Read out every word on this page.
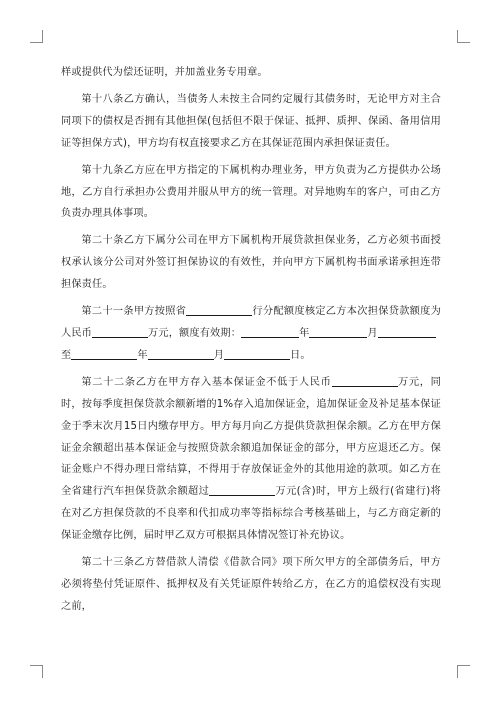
样或提供代为偿还证明，并加盖业务专用章。

第十八条乙方确认，当债务人未按主合同约定履行其债务时，无论甲方对主合同项下的债权是否拥有其他担保(包括但不限于保证、抵押、质押、保函、备用信用证等担保方式)，甲方均有权直接要求乙方在其保证范围内承担保证责任。

第十九条乙方应在甲方指定的下属机构办理业务，甲方负责为乙方提供办公场地，乙方自行承担办公费用并服从甲方的统一管理。对异地购车的客户，可由乙方负责办理具体事项。

第二十条乙方下属分公司在甲方下属机构开展贷款担保业务，乙方必须书面授权承认该分公司对外签订担保协议的有效性，并向甲方下属机构书面承诺承担连带担保责任。

第二十一条甲方按照省	行分配额度核定乙方本次担保贷款额度为人民币	万元，额度有效期：	年	月
至	年	月	日。

第二十二条乙方在甲方存入基本保证金不低于人民币	万元，同时，按每季度担保贷款余额新增的1%存入追加保证金，追加保证金及补足基本保证金于季末次月15日内缴存甲方。甲方每月向乙方提供贷款担保余额。乙方在甲方保证金余额超出基本保证金与按照贷款余额追加保证金的部分，甲方应退还乙方。保证金账户不得办理日常结算，不得用于存放保证金外的其他用途的款项。如乙方在全省建行汽车担保贷款余额超过	万元(含)时，甲方上级行(省建行)将在对乙方担保贷款的不良率和代扣成功率等指标综合考核基础上，与乙方商定新的保证金缴存比例，届时甲乙双方可根据具体情况签订补充协议。

第二十三条乙方替借款人清偿《借款合同》项下所欠甲方的全部债务后，甲方必须将垫付凭证原件、抵押权及有关凭证原件转给乙方，在乙方的追偿权没有实现之前，
